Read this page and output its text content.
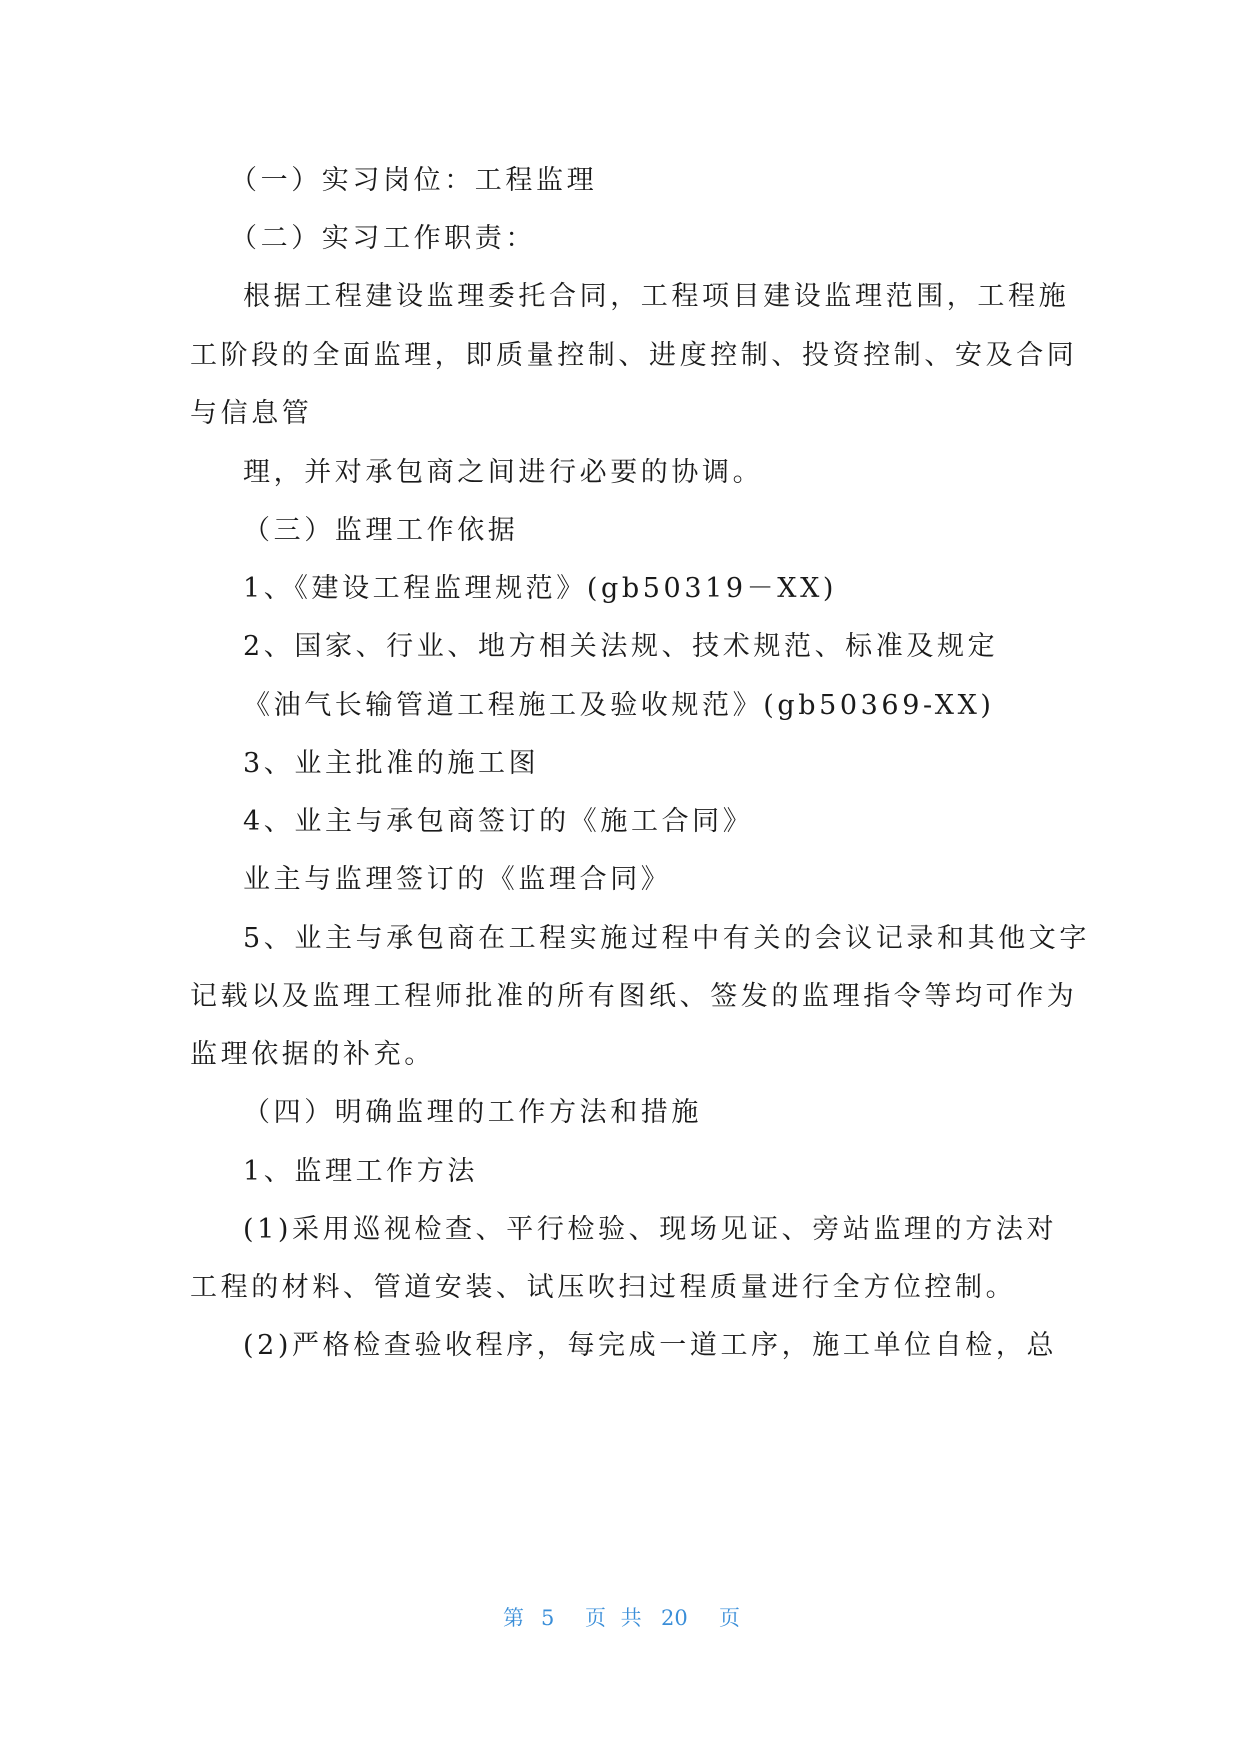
（一）实习岗位：工程监理
（二）实习工作职责：
根据工程建设监理委托合同，工程项目建设监理范围，工程施
工阶段的全面监理，即质量控制、进度控制、投资控制、安及合同
与信息管
理，并对承包商之间进行必要的协调。
（三）监理工作依据
1、《建设工程监理规范》(gb50319－XX)
2、国家、行业、地方相关法规、技术规范、标准及规定
《油气长输管道工程施工及验收规范》(gb50369-XX)
3、业主批准的施工图
4、业主与承包商签订的《施工合同》
业主与监理签订的《监理合同》
5、业主与承包商在工程实施过程中有关的会议记录和其他文字
记载以及监理工程师批准的所有图纸、签发的监理指令等均可作为
监理依据的补充。
（四）明确监理的工作方法和措施
1、监理工作方法
(1)采用巡视检查、平行检验、现场见证、旁站监理的方法对
工程的材料、管道安装、试压吹扫过程质量进行全方位控制。
(2)严格检查验收程序，每完成一道工序，施工单位自检，总
第 5 页 共 20 页
